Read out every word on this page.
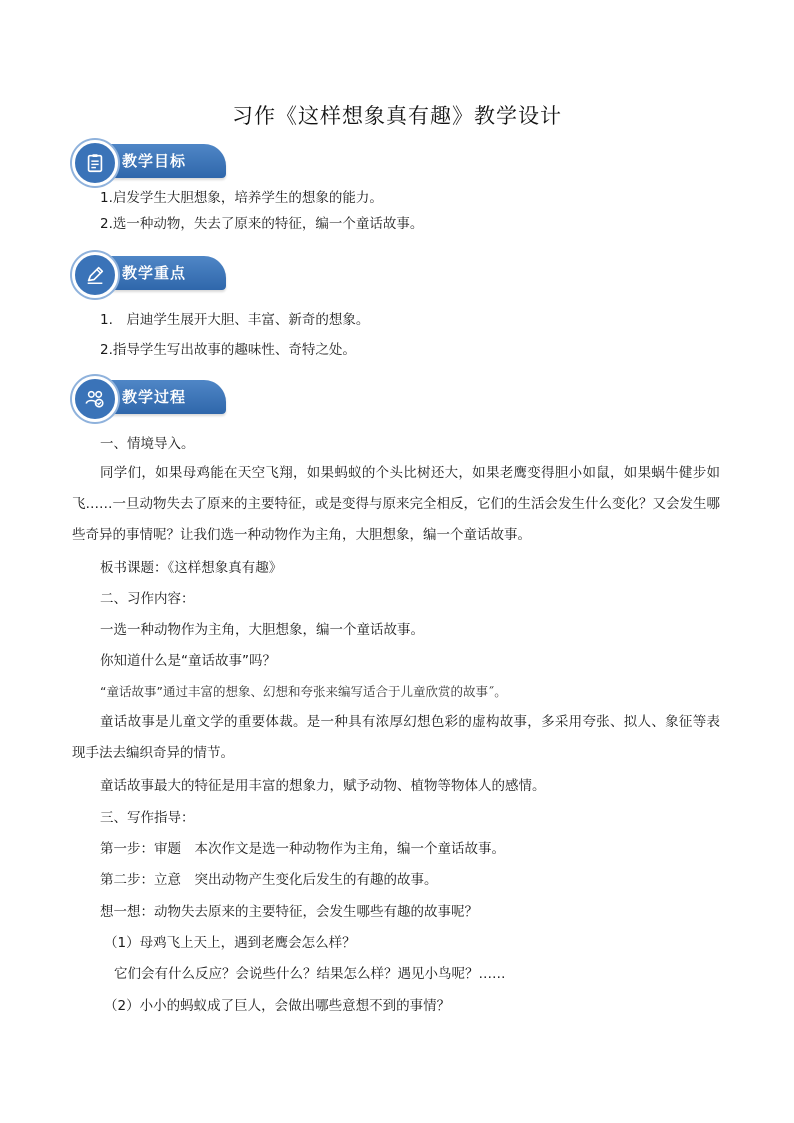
习作《这样想象真有趣》教学设计
教学目标
1.启发学生大胆想象，培养学生的想象的能力。
2.选一种动物，失去了原来的特征，编一个童话故事。
教学重点
1.　启迪学生展开大胆、丰富、新奇的想象。
2.指导学生写出故事的趣味性、奇特之处。
教学过程
一、情境导入。
同学们，如果母鸡能在天空飞翔，如果蚂蚁的个头比树还大，如果老鹰变得胆小如鼠，如果蜗牛健步如飞……一旦动物失去了原来的主要特征，或是变得与原来完全相反，它们的生活会发生什么变化？又会发生哪些奇异的事情呢？让我们选一种动物作为主角，大胆想象，编一个童话故事。
板书课题：《这样想象真有趣》
二、习作内容：
一选一种动物作为主角，大胆想象，编一个童话故事。
你知道什么是“童话故事”吗？
“童话故事”通过丰富的想象、幻想和夸张来编写适合于儿童欣赏的故事˝。
童话故事是儿童文学的重要体裁。是一种具有浓厚幻想色彩的虚构故事，多采用夸张、拟人、象征等表现手法去编织奇异的情节。
童话故事最大的特征是用丰富的想象力，赋予动物、植物等物体人的感情。
三、写作指导：
第一步：审题　本次作文是选一种动物作为主角，编一个童话故事。
第二步：立意　突出动物产生变化后发生的有趣的故事。
想一想：动物失去原来的主要特征，会发生哪些有趣的故事呢？
（1）母鸡飞上天上，遇到老鹰会怎么样？
它们会有什么反应？会说些什么？结果怎么样？遇见小鸟呢？……
（2）小小的蚂蚁成了巨人，会做出哪些意想不到的事情？
